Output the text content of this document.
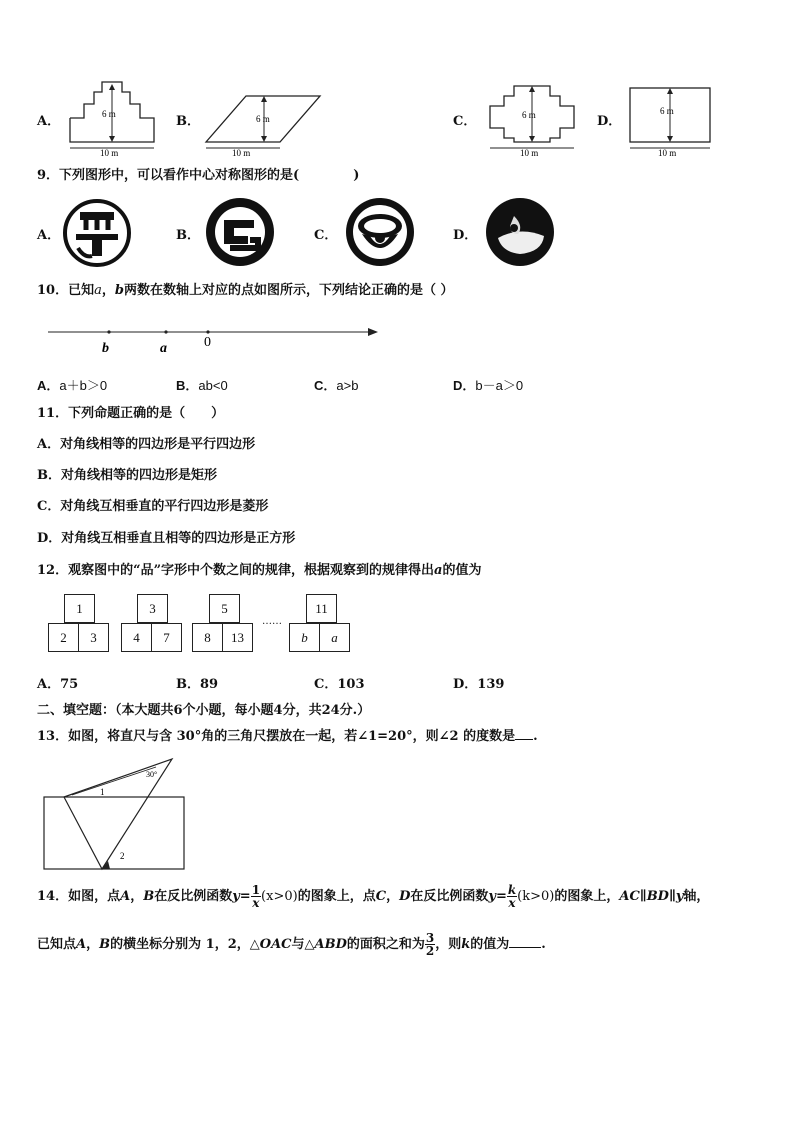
A．	6 m
10 m
B．	6 m
10 m
C．	6 m
10 m
D．
6 m
10 m
9．下列图形中，可以看作中心对称图形的是(	)
A．	B．	C．	D．
10．已知a，b两数在数轴上对应的点如图所示，下列结论正确的是（ ）
b	a	0
A．a＋b＞0	B．ab<0	C．a>b	D．b－a＞0
11．下列命题正确的是（　　）
A．对角线相等的四边形是平行四边形
B．对角线相等的四边形是矩形
C．对角线互相垂直的平行四边形是菱形
D．对角线互相垂直且相等的四边形是正方形
12．观察图中的“品”字形中个数之间的规律，根据观察到的规律得出a的值为
1
2	3
3
4	7
5
8	13
……
11
b	a
A．75	B．89	C．103	D．139
二、填空题：（本大题共6个小题，每小题4分，共24分.）
13．如图，将直尺与含 30°角的三角尺摆放在一起，若∠1=20°，则∠2 的度数是 .
30°
1
2
14．如图，点A，B在反比例函数$y= \frac{1}{x} (x>0)$的图象上，点C，D在反比例函数$y= \frac{k}{x} (k>0)$的图象上，AC∥BD∥y轴，
已知点A，B的横坐标分别为 1，2，△OAC与△ABD的面积之和为 $\frac{3}{2}$ ，则k的值为 .
